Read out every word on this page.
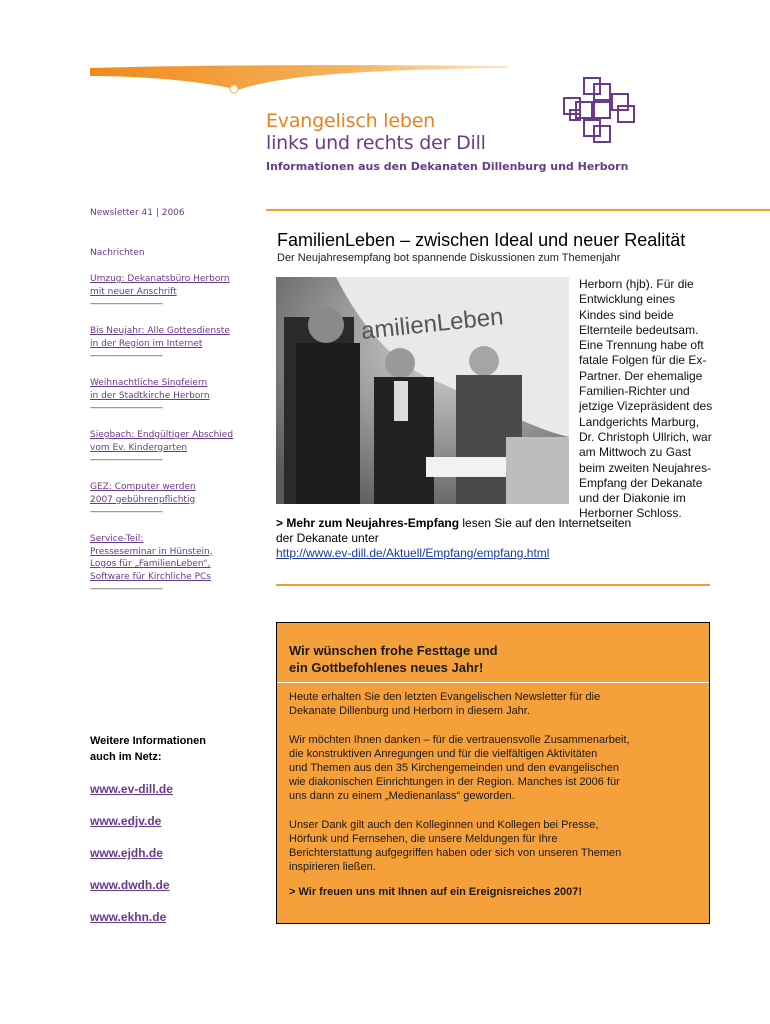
Evangelisch leben
links und rechts der Dill
Informationen aus den Dekanaten Dillenburg und Herborn
Newsletter 41 | 2006
Nachrichten
Umzug: Dekanatsbüro Herborn
mit neuer Anschrift
—————————
Bis Neujahr: Alle Gottesdienste
in der Region im Internet
—————————
Weihnachtliche Singfeiern
in der Stadtkirche Herborn
—————————
Siegbach: Endgültiger Abschied
vom Ev. Kindergarten
—————————
GEZ: Computer werden
2007 gebührenpflichtig
—————————
Service-Teil:
Presseseminar in Hünstein,
Logos für „FamilienLeben“,
Software für Kirchliche PCs
—————————
Weitere Informationen
auch im Netz:
www.ev-dill.de
www.edjv.de
www.ejdh.de
www.dwdh.de
www.ekhn.de
FamilienLeben – zwischen Ideal und neuer Realität
Der Neujahresempfang bot spannende Diskussionen zum Themenjahr
amilienLeben
Herborn (hjb). Für die
Entwicklung eines
Kindes sind beide
Elternteile bedeutsam.
Eine Trennung habe oft
fatale Folgen für die Ex-
Partner. Der ehemalige
Familien-Richter und
jetzige Vizepräsident des
Landgerichts Marburg,
Dr. Christoph Ullrich, war
am Mittwoch zu Gast
beim zweiten Neujahres-
Empfang der Dekanate
und der Diakonie im
Herborner Schloss.
> Mehr zum Neujahres-Empfang lesen Sie auf den Internetseiten
der Dekanate unter
http://www.ev-dill.de/Aktuell/Empfang/empfang.html
Wir wünschen frohe Festtage und
ein Gottbefohlenes neues Jahr!
Heute erhalten Sie den letzten Evangelischen Newsletter für die
Dekanate Dillenburg und Herborn in diesem Jahr.
Wir möchten Ihnen danken – für die vertrauensvolle Zusammenarbeit,
die konstruktiven Anregungen und für die vielfältigen Aktivitäten
und Themen aus den 35 Kirchengemeinden und den evangelischen
wie diakonischen Einrichtungen in der Region. Manches ist 2006 für
uns dann zu einem „Medienanlass“ geworden.
Unser Dank gilt auch den Kolleginnen und Kollegen bei Presse,
Hörfunk und Fernsehen, die unsere Meldungen für Ihre
Berichterstattung aufgegriffen haben oder sich von unseren Themen
inspirieren ließen.
> Wir freuen uns mit Ihnen auf ein Ereignisreiches 2007!
